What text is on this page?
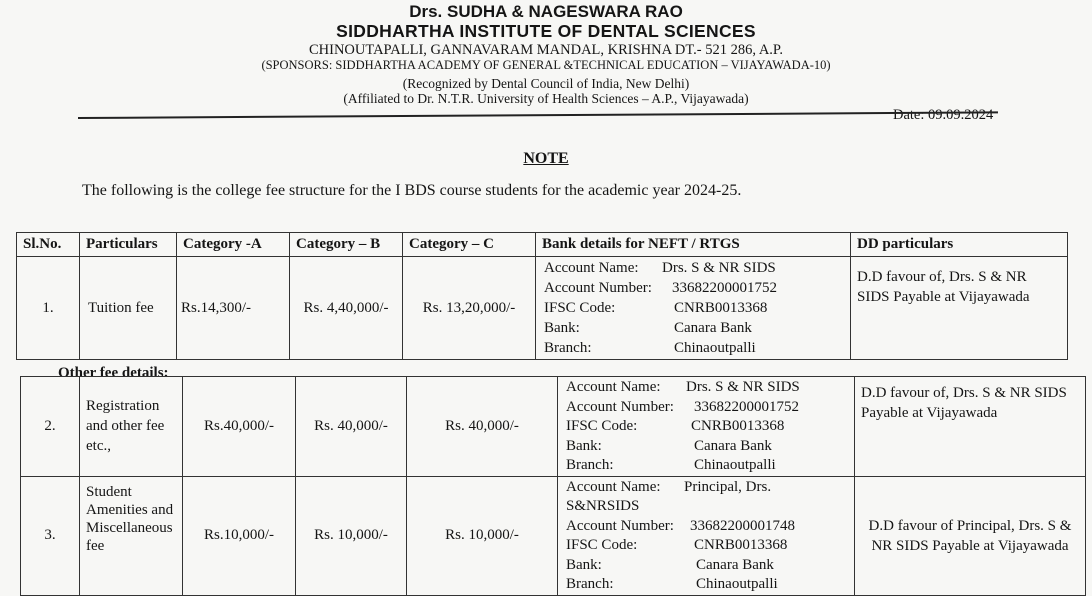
Drs. SUDHA & NAGESWARA RAO
SIDDHARTHA INSTITUTE OF DENTAL SCIENCES
CHINOUTAPALLI, GANNAVARAM MANDAL, KRISHNA DT.- 521 286, A.P.
(SPONSORS: SIDDHARTHA ACADEMY OF GENERAL &TECHNICAL EDUCATION – VIJAYAWADA-10)
(Recognized by Dental Council of India, New Delhi)
(Affiliated to Dr. N.T.R. University of Health Sciences – A.P., Vijayawada)
Date: 09.09.2024
NOTE
The following is the college fee structure for the I BDS course students for the academic year 2024-25.
Sl.No.	Particulars	Category -A	Category – B	Category – C	Bank details for NEFT / RTGS	DD particulars
1.	Tuition fee	Rs.14,300/-	Rs. 4,40,000/-	Rs. 13,20,000/-	Account Name: Drs. S & NR SIDS
Account Number: 33682200001752
IFSC Code: CNRB0013368
Bank: Canara Bank
Branch: Chinaoutpalli	D.D favour of, Drs. S & NR SIDS Payable at Vijayawada
Other fee details:
2.	Registration and other fee etc.,	Rs.40,000/-	Rs. 40,000/-	Rs. 40,000/-	Account Name: Drs. S & NR SIDS
Account Number: 33682200001752
IFSC Code: CNRB0013368
Bank: Canara Bank
Branch: Chinaoutpalli	D.D favour of, Drs. S & NR SIDS Payable at Vijayawada
3.	Student Amenities and Miscellaneous fee	Rs.10,000/-	Rs. 10,000/-	Rs. 10,000/-	Account Name: Principal, Drs. S&NRSIDS
Account Number: 33682200001748
IFSC Code: CNRB0013368
Bank: Canara Bank
Branch: Chinaoutpalli	D.D favour of Principal, Drs. S & NR SIDS Payable at Vijayawada
